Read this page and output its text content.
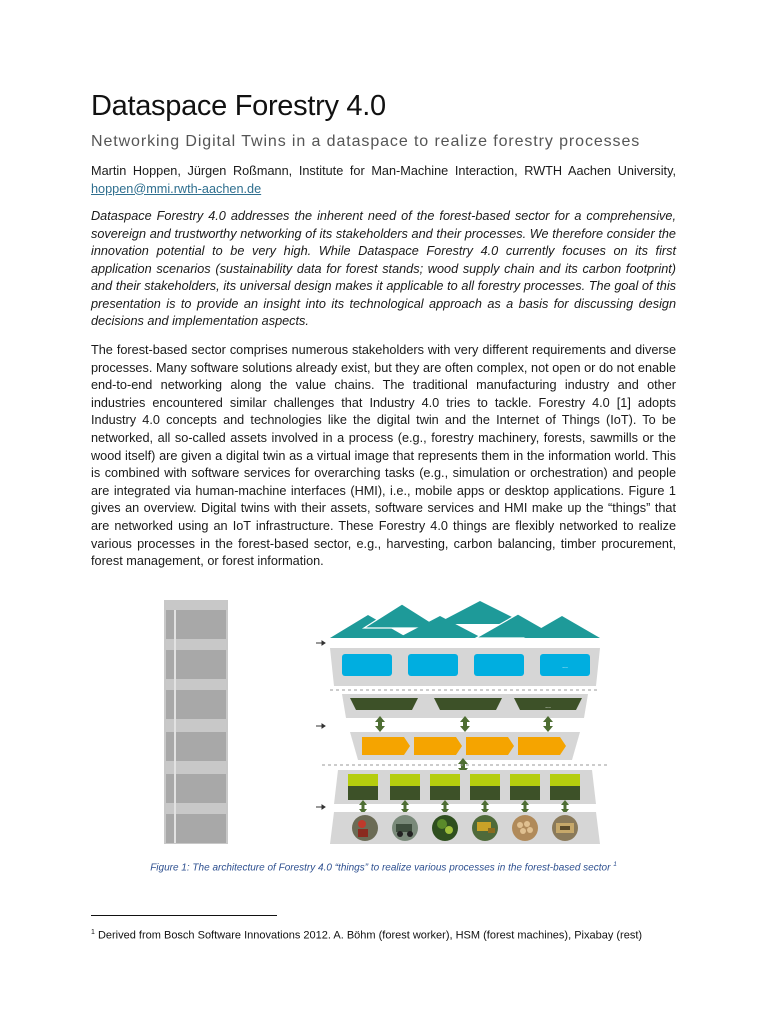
Dataspace Forestry 4.0
Networking Digital Twins in a dataspace to realize forestry processes
Martin Hoppen, Jürgen Roßmann, Institute for Man-Machine Interaction, RWTH Aachen University, hoppen@mmi.rwth-aachen.de
Dataspace Forestry 4.0 addresses the inherent need of the forest-based sector for a comprehensive, sovereign and trustworthy networking of its stakeholders and their processes. We therefore consider the innovation potential to be very high. While Dataspace Forestry 4.0 currently focuses on its first application scenarios (sustainability data for forest stands; wood supply chain and its carbon footprint) and their stakeholders, its universal design makes it applicable to all forestry processes. The goal of this presentation is to provide an insight into its technological approach as a basis for discussing design decisions and implementation aspects.
The forest-based sector comprises numerous stakeholders with very different requirements and diverse processes. Many software solutions already exist, but they are often complex, not open or do not enable end-to-end networking along the value chains. The traditional manufacturing industry and other industries encountered similar challenges that Industry 4.0 tries to tackle. Forestry 4.0 [1] adopts Industry 4.0 concepts and technologies like the digital twin and the Internet of Things (IoT). To be networked, all so-called assets involved in a process (e.g., forestry machinery, forests, sawmills or the wood itself) are given a digital twin as a virtual image that represents them in the information world. This is combined with software services for overarching tasks (e.g., simulation or orchestration) and people are integrated via human-machine interfaces (HMI), i.e., mobile apps or desktop applications. Figure 1 gives an overview. Digital twins with their assets, software services and HMI make up the “things” that are networked using an IoT infrastructure. These Forestry 4.0 things are flexibly networked to realize various processes in the forest-based sector, e.g., harvesting, carbon balancing, timber procurement, forest management, or forest information.
Figure 1: The architecture of Forestry 4.0 “things” to realize various processes in the forest-based sector $^1$
...
...
$^1$ Derived from Bosch Software Innovations 2012. A. Böhm (forest worker), HSM (forest machines), Pixabay (rest)
